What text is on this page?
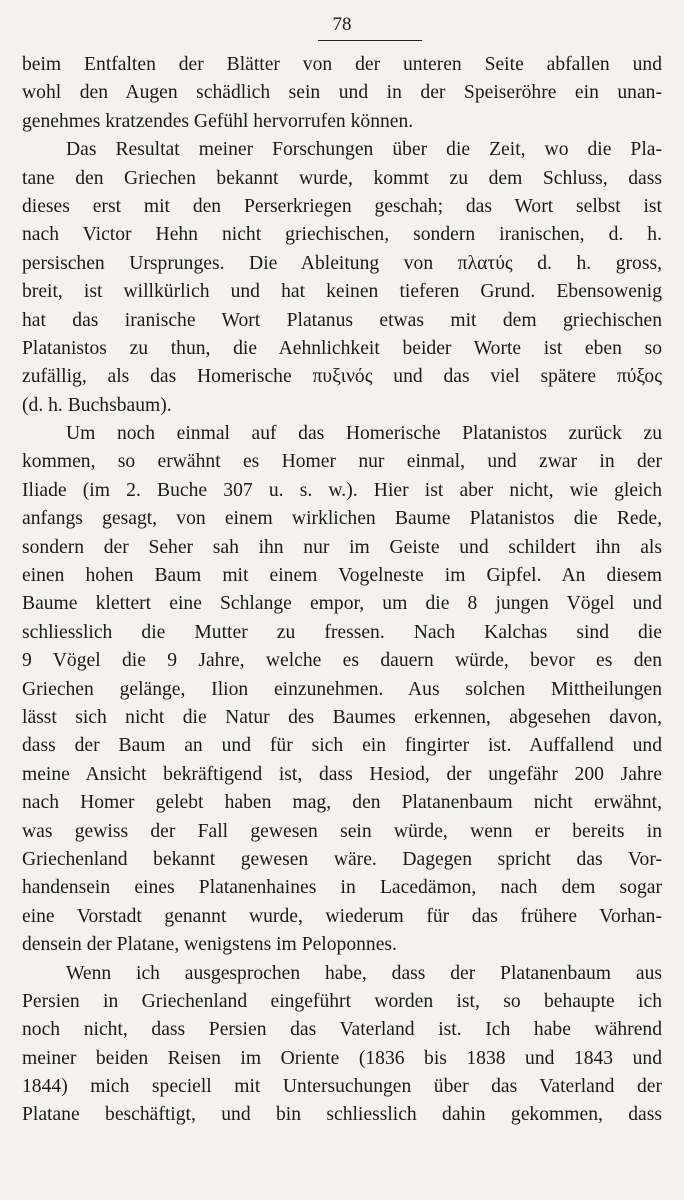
78
beim Entfalten der Blätter von der unteren Seite abfallen und
wohl den Augen schädlich sein und in der Speiseröhre ein unan-
genehmes kratzendes Gefühl hervorrufen können.
Das Resultat meiner Forschungen über die Zeit, wo die Pla-
tane den Griechen bekannt wurde, kommt zu dem Schluss, dass
dieses erst mit den Perserkriegen geschah; das Wort selbst ist
nach Victor Hehn nicht griechischen, sondern iranischen, d. h.
persischen Ursprunges. Die Ableitung von πλατύς d. h. gross,
breit, ist willkürlich und hat keinen tieferen Grund. Ebensowenig
hat das iranische Wort Platanus etwas mit dem griechischen
Platanistos zu thun, die Aehnlichkeit beider Worte ist eben so
zufällig, als das Homerische πυξινός und das viel spätere πύξος
(d. h. Buchsbaum).
Um noch einmal auf das Homerische Platanistos zurück zu
kommen, so erwähnt es Homer nur einmal, und zwar in der
Iliade (im 2. Buche 307 u. s. w.). Hier ist aber nicht, wie gleich
anfangs gesagt, von einem wirklichen Baume Platanistos die Rede,
sondern der Seher sah ihn nur im Geiste und schildert ihn als
einen hohen Baum mit einem Vogelneste im Gipfel. An diesem
Baume klettert eine Schlange empor, um die 8 jungen Vögel und
schliesslich die Mutter zu fressen. Nach Kalchas sind die
9 Vögel die 9 Jahre, welche es dauern würde, bevor es den
Griechen gelänge, Ilion einzunehmen. Aus solchen Mittheilungen
lässt sich nicht die Natur des Baumes erkennen, abgesehen davon,
dass der Baum an und für sich ein fingirter ist. Auffallend und
meine Ansicht bekräftigend ist, dass Hesiod, der ungefähr 200 Jahre
nach Homer gelebt haben mag, den Platanenbaum nicht erwähnt,
was gewiss der Fall gewesen sein würde, wenn er bereits in
Griechenland bekannt gewesen wäre. Dagegen spricht das Vor-
handensein eines Platanenhaines in Lacedämon, nach dem sogar
eine Vorstadt genannt wurde, wiederum für das frühere Vorhan-
densein der Platane, wenigstens im Peloponnes.
Wenn ich ausgesprochen habe, dass der Platanenbaum aus
Persien in Griechenland eingeführt worden ist, so behaupte ich
noch nicht, dass Persien das Vaterland ist. Ich habe während
meiner beiden Reisen im Oriente (1836 bis 1838 und 1843 und
1844) mich speciell mit Untersuchungen über das Vaterland der
Platane beschäftigt, und bin schliesslich dahin gekommen, dass
